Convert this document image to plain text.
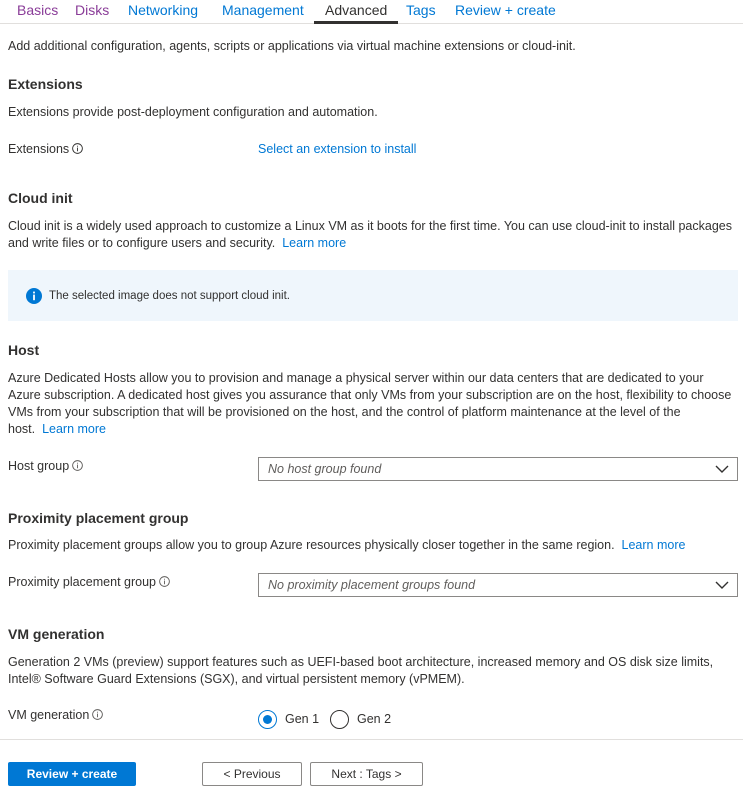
Basics Disks Networking Management Advanced Tags Review + create
Add additional configuration, agents, scripts or applications via virtual machine extensions or cloud-init.
Extensions
Extensions provide post-deployment configuration and automation.
Extensions	Select an extension to install
Cloud init
Cloud init is a widely used approach to customize a Linux VM as it boots for the first time. You can use cloud-init to install packages and write files or to configure users and security. Learn more
The selected image does not support cloud init.
Host
Azure Dedicated Hosts allow you to provision and manage a physical server within our data centers that are dedicated to your Azure subscription. A dedicated host gives you assurance that only VMs from your subscription are on the host, flexibility to choose VMs from your subscription that will be provisioned on the host, and the control of platform maintenance at the level of the host. Learn more
Host group	No host group found
Proximity placement group
Proximity placement groups allow you to group Azure resources physically closer together in the same region. Learn more
Proximity placement group	No proximity placement groups found
VM generation
Generation 2 VMs (preview) support features such as UEFI-based boot architecture, increased memory and OS disk size limits, Intel® Software Guard Extensions (SGX), and virtual persistent memory (vPMEM).
VM generation	Gen 1	Gen 2
Review + create	< Previous	Next : Tags >
